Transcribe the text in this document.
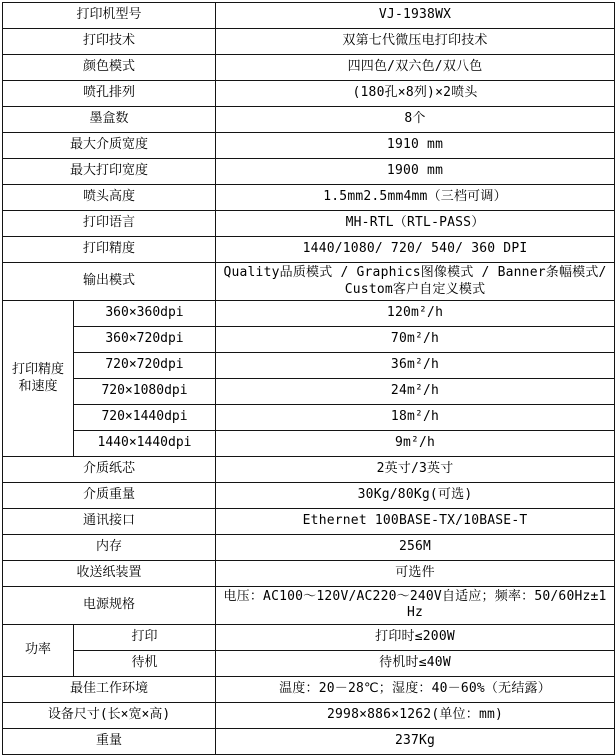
打印机型号		VJ-1938WX
打印技术		双第七代微压电打印技术
颜色模式		四四色/双六色/双八色
喷孔排列		(180孔×8列)×2喷头
墨盒数		8个
最大介质宽度		1910 mm
最大打印宽度		1900 mm
喷头高度		1.5mm2.5mm4mm（三档可调）
打印语言		MH-RTL（RTL-PASS）
打印精度		1440/1080/ 720/ 540/ 360 DPI
输出模式		Quality品质模式 / Graphics图像模式 / Banner条幅模式/ Custom客户自定义模式
打印精度和速度	360×360dpi	120m²/h
	360×720dpi	70m²/h
	720×720dpi	36m²/h
	720×1080dpi	24m²/h
	720×1440dpi	18m²/h
	1440×1440dpi	9m²/h
介质纸芯		2英寸/3英寸
介质重量		30Kg/80Kg(可选)
通讯接口		Ethernet 100BASE-TX/10BASE-T
内存		256M
收送纸装置		可选件
电源规格		电压：AC100～120V/AC220～240V自适应；频率：50/60Hz±1Hz
功率	打印	打印时≤200W
	待机	待机时≤40W
最佳工作环境		温度：20－28℃；湿度：40－60%（无结露）
设备尺寸(长×宽×高)		2998×886×1262(单位：mm)
重量		237Kg
